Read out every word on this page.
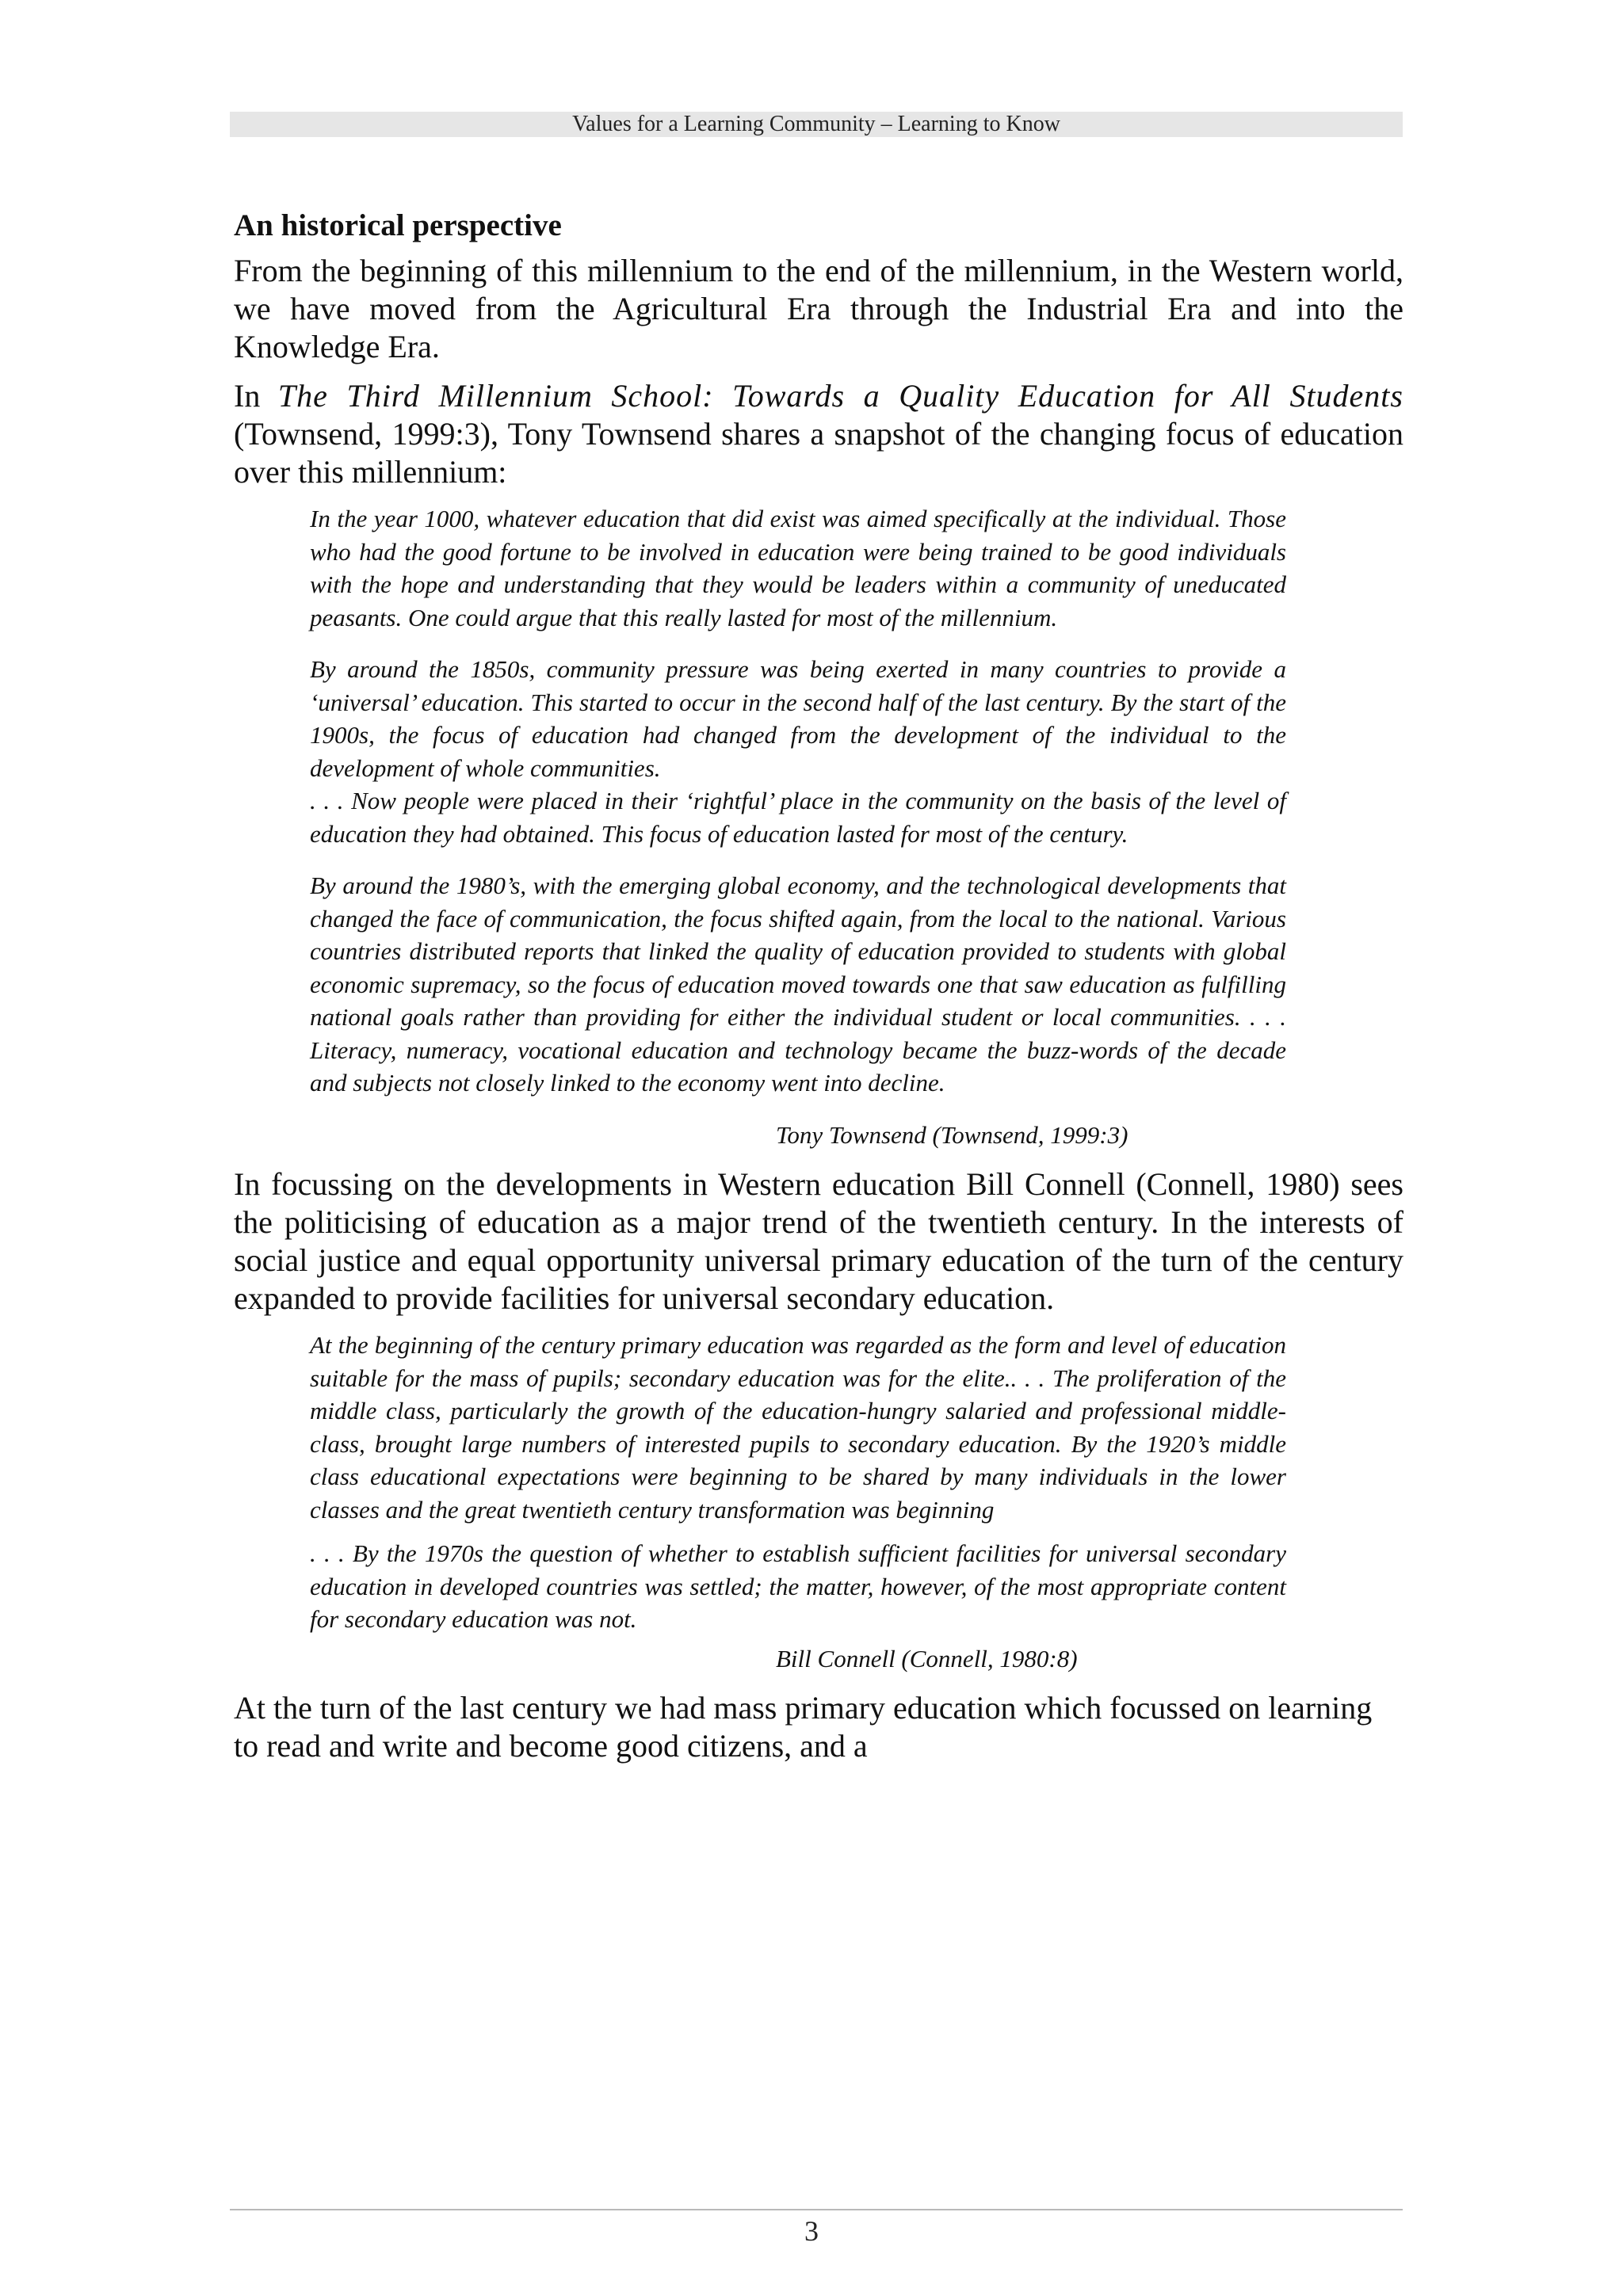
Values for a Learning Community – Learning to Know
An historical perspective

From the beginning of this millennium to the end of the millennium, in the Western world, we have moved from the Agricultural Era through the Industrial Era and into the Knowledge Era.

In The Third Millennium School: Towards a Quality Education for All Students (Townsend, 1999:3), Tony Townsend shares a snapshot of the changing focus of education over this millennium:

In the year 1000, whatever education that did exist was aimed specifically at the individual. Those who had the good fortune to be involved in education were being trained to be good individuals with the hope and understanding that they would be leaders within a community of uneducated peasants. One could argue that this really lasted for most of the millennium.

By around the 1850s, community pressure was being exerted in many countries to provide a ‘universal’ education. This started to occur in the second half of the last century. By the start of the 1900s, the focus of education had changed from the development of the individual to the development of whole communities.

. . . Now people were placed in their ‘rightful’ place in the community on the basis of the level of education they had obtained. This focus of education lasted for most of the century.

By around the 1980’s, with the emerging global economy, and the technological developments that changed the face of communication, the focus shifted again, from the local to the national. Various countries distributed reports that linked the quality of education provided to students with global economic supremacy, so the focus of education moved towards one that saw education as fulfilling national goals rather than providing for either the individual student or local communities. . . . Literacy, numeracy, vocational education and technology became the buzz-words of the decade and subjects not closely linked to the economy went into decline.

Tony Townsend (Townsend, 1999:3)

In focussing on the developments in Western education Bill Connell (Connell, 1980) sees the politicising of education as a major trend of the twentieth century. In the interests of social justice and equal opportunity universal primary education of the turn of the century expanded to provide facilities for universal secondary education.

At the beginning of the century primary education was regarded as the form and level of education suitable for the mass of pupils; secondary education was for the elite.. . . The proliferation of the middle class, particularly the growth of the education-hungry salaried and professional middle-class, brought large numbers of interested pupils to secondary education. By the 1920’s middle class educational expectations were beginning to be shared by many individuals in the lower classes and the great twentieth century transformation was beginning

. . . By the 1970s the question of whether to establish sufficient facilities for universal secondary education in developed countries was settled; the matter, however, of the most appropriate content for secondary education was not.

Bill Connell (Connell, 1980:8)

At the turn of the last century we had mass primary education which focussed on learning to read and write and become good citizens, and a

3
